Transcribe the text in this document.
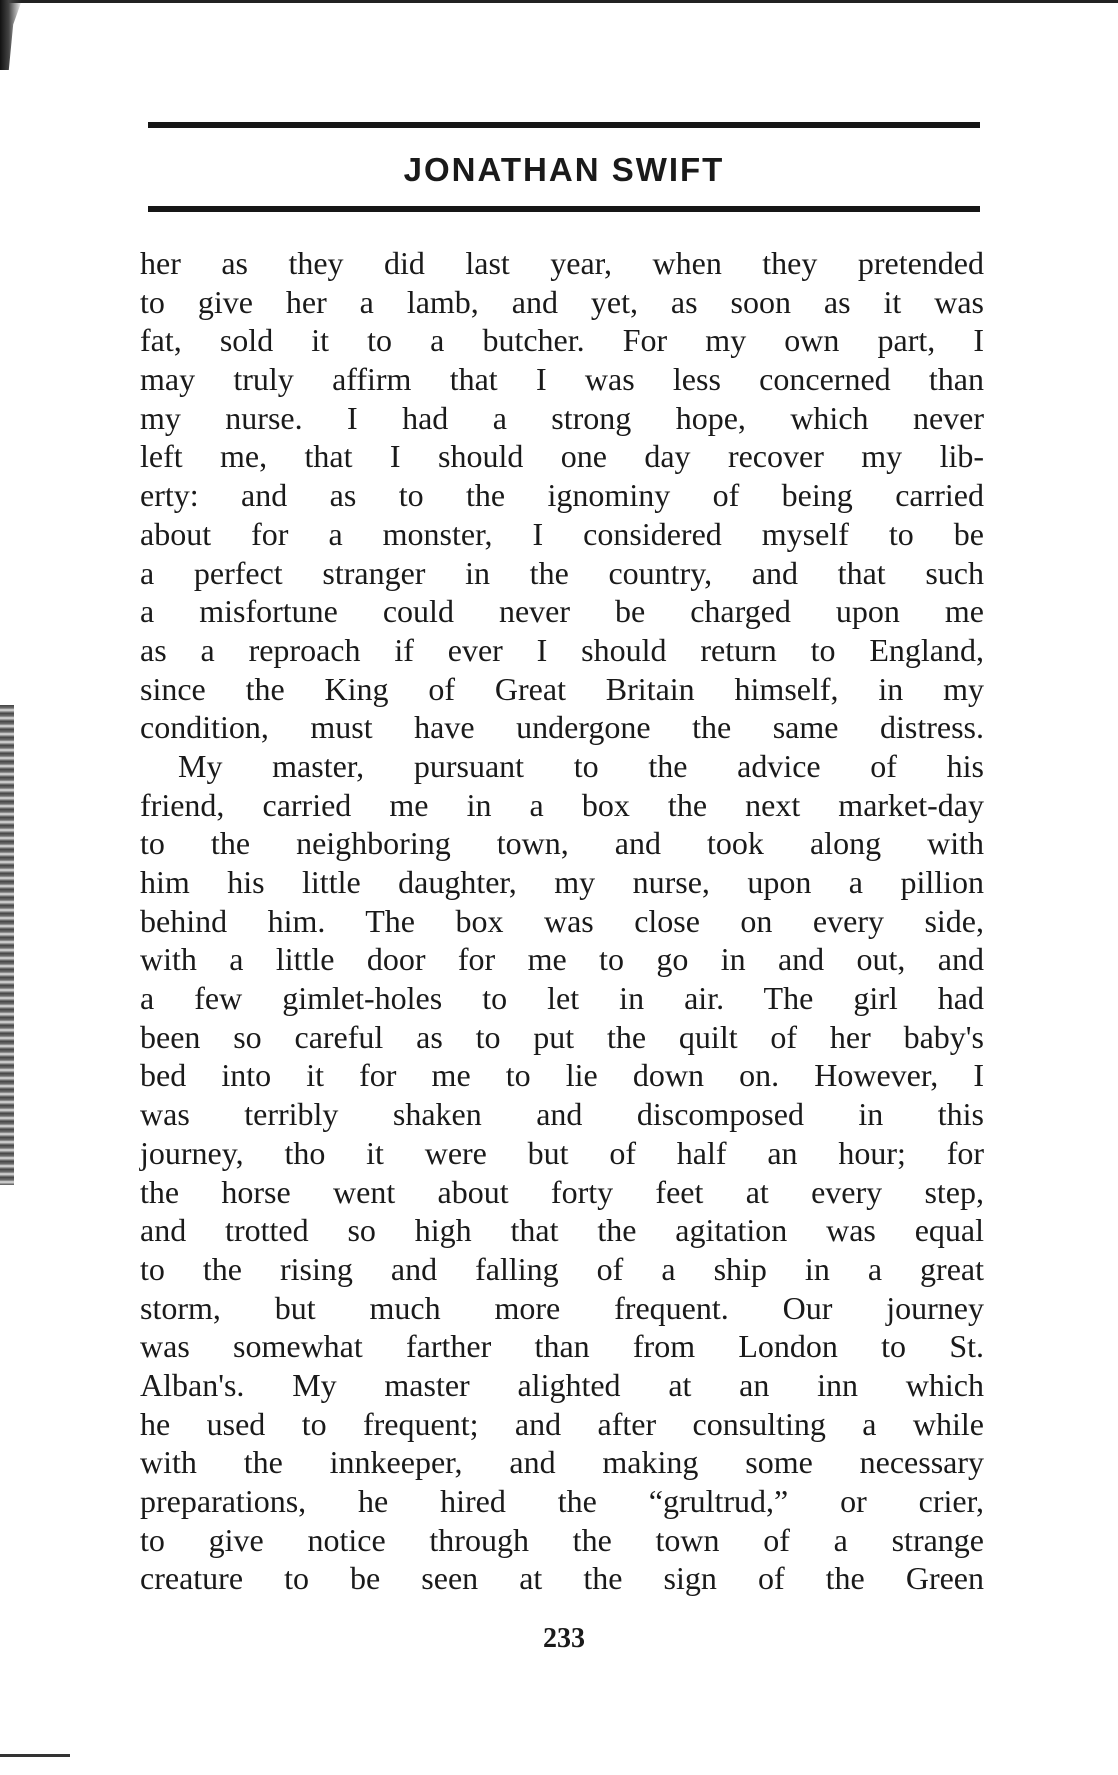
JONATHAN SWIFT
her as they did last year, when they pretended
to give her a lamb, and yet, as soon as it was
fat, sold it to a butcher. For my own part, I
may truly affirm that I was less concerned than
my nurse. I had a strong hope, which never
left me, that I should one day recover my lib-
erty: and as to the ignominy of being carried
about for a monster, I considered myself to be
a perfect stranger in the country, and that such
a misfortune could never be charged upon me
as a reproach if ever I should return to England,
since the King of Great Britain himself, in my
condition, must have undergone the same distress.
My master, pursuant to the advice of his
friend, carried me in a box the next market-day
to the neighboring town, and took along with
him his little daughter, my nurse, upon a pillion
behind him. The box was close on every side,
with a little door for me to go in and out, and
a few gimlet-holes to let in air. The girl had
been so careful as to put the quilt of her baby's
bed into it for me to lie down on. However, I
was terribly shaken and discomposed in this
journey, tho it were but of half an hour; for
the horse went about forty feet at every step,
and trotted so high that the agitation was equal
to the rising and falling of a ship in a great
storm, but much more frequent. Our journey
was somewhat farther than from London to St.
Alban's. My master alighted at an inn which
he used to frequent; and after consulting a while
with the innkeeper, and making some necessary
preparations, he hired the “grultrud,” or crier,
to give notice through the town of a strange
creature to be seen at the sign of the Green
233
